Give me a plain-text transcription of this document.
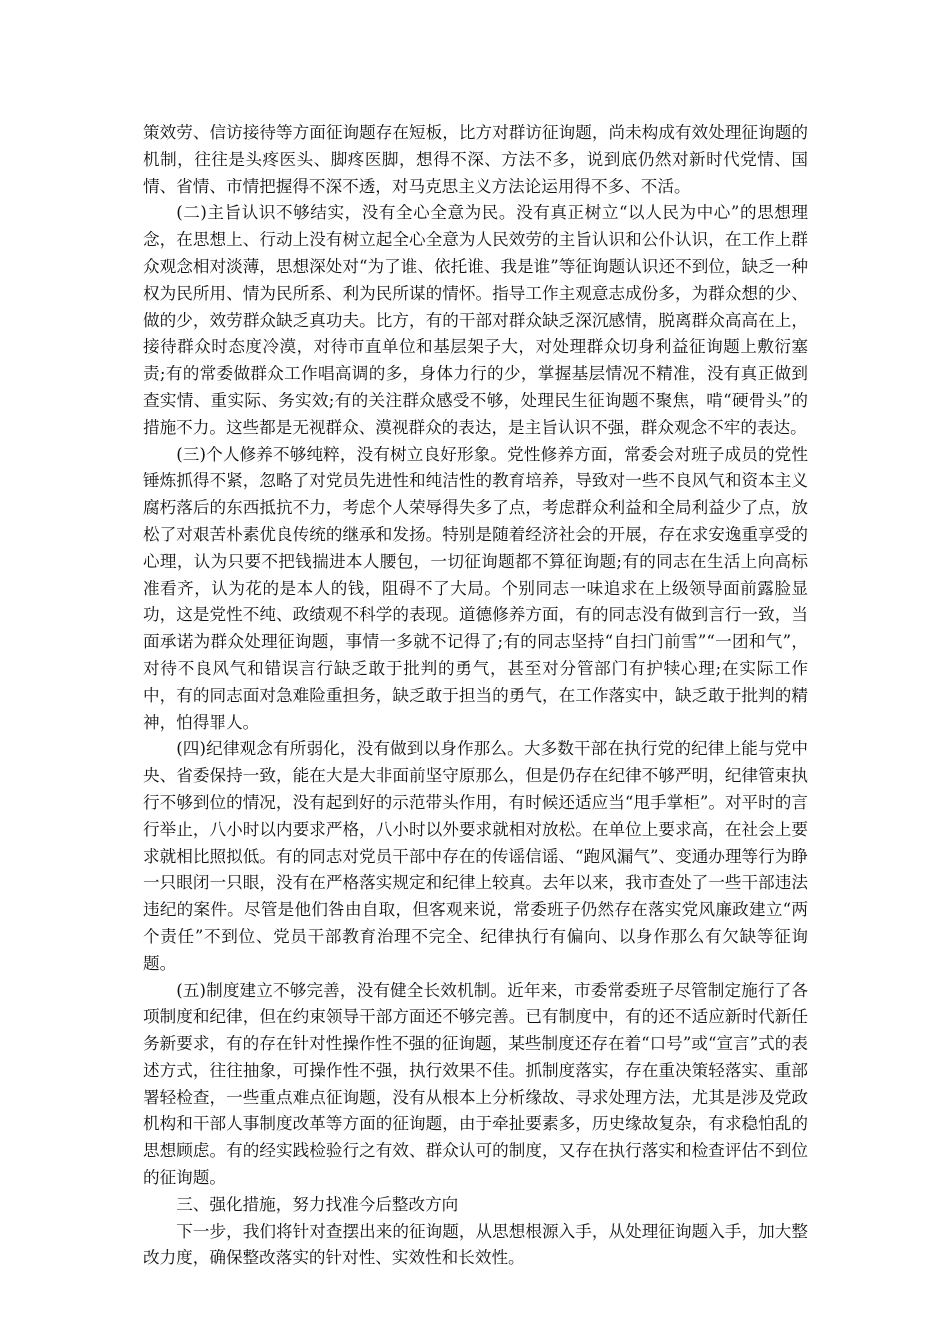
策效劳、信访接待等方面征询题存在短板，比方对群访征询题，尚未构成有效处理征询题的机制，往往是头疼医头、脚疼医脚，想得不深、方法不多，说到底仍然对新时代党情、国情、省情、市情把握得不深不透，对马克思主义方法论运用得不多、不活。

(二)主旨认识不够结实，没有全心全意为民。没有真正树立“以人民为中心”的思想理念，在思想上、行动上没有树立起全心全意为人民效劳的主旨认识和公仆认识，在工作上群众观念相对淡薄，思想深处对“为了谁、依托谁、我是谁”等征询题认识还不到位，缺乏一种权为民所用、情为民所系、利为民所谋的情怀。指导工作主观意志成份多，为群众想的少、做的少，效劳群众缺乏真功夫。比方，有的干部对群众缺乏深沉感情，脱离群众高高在上，接待群众时态度冷漠，对待市直单位和基层架子大，对处理群众切身利益征询题上敷衍塞责;有的常委做群众工作唱高调的多，身体力行的少，掌握基层情况不精准，没有真正做到查实情、重实际、务实效;有的关注群众感受不够，处理民生征询题不聚焦，啃“硬骨头”的措施不力。这些都是无视群众、漠视群众的表达，是主旨认识不强，群众观念不牢的表达。

(三)个人修养不够纯粹，没有树立良好形象。党性修养方面，常委会对班子成员的党性锤炼抓得不紧，忽略了对党员先进性和纯洁性的教育培养，导致对一些不良风气和资本主义腐朽落后的东西抵抗不力，考虑个人荣辱得失多了点，考虑群众利益和全局利益少了点，放松了对艰苦朴素优良传统的继承和发扬。特别是随着经济社会的开展，存在求安逸重享受的心理，认为只要不把钱揣进本人腰包，一切征询题都不算征询题;有的同志在生活上向高标准看齐，认为花的是本人的钱，阻碍不了大局。个别同志一味追求在上级领导面前露脸显功，这是党性不纯、政绩观不科学的表现。道德修养方面，有的同志没有做到言行一致，当面承诺为群众处理征询题，事情一多就不记得了;有的同志坚持“自扫门前雪”“一团和气”，对待不良风气和错误言行缺乏敢于批判的勇气，甚至对分管部门有护犊心理;在实际工作中，有的同志面对急难险重担务，缺乏敢于担当的勇气，在工作落实中，缺乏敢于批判的精神，怕得罪人。

(四)纪律观念有所弱化，没有做到以身作那么。大多数干部在执行党的纪律上能与党中央、省委保持一致，能在大是大非面前坚守原那么，但是仍存在纪律不够严明，纪律管束执行不够到位的情况，没有起到好的示范带头作用，有时候还适应当“甩手掌柜”。对平时的言行举止，八小时以内要求严格，八小时以外要求就相对放松。在单位上要求高，在社会上要求就相比照拟低。有的同志对党员干部中存在的传谣信谣、“跑风漏气”、变通办理等行为睁一只眼闭一只眼，没有在严格落实规定和纪律上较真。去年以来，我市查处了一些干部违法违纪的案件。尽管是他们咎由自取，但客观来说，常委班子仍然存在落实党风廉政建立“两个责任”不到位、党员干部教育治理不完全、纪律执行有偏向、以身作那么有欠缺等征询题。

(五)制度建立不够完善，没有健全长效机制。近年来，市委常委班子尽管制定施行了各项制度和纪律，但在约束领导干部方面还不够完善。已有制度中，有的还不适应新时代新任务新要求，有的存在针对性操作性不强的征询题，某些制度还存在着“口号”或“宣言”式的表述方式，往往抽象，可操作性不强，执行效果不佳。抓制度落实，存在重决策轻落实、重部署轻检查，一些重点难点征询题，没有从根本上分析缘故、寻求处理方法，尤其是涉及党政机构和干部人事制度改革等方面的征询题，由于牵扯要素多，历史缘故复杂，有求稳怕乱的思想顾虑。有的经实践检验行之有效、群众认可的制度，又存在执行落实和检查评估不到位的征询题。

三、强化措施，努力找准今后整改方向

下一步，我们将针对查摆出来的征询题，从思想根源入手，从处理征询题入手，加大整改力度，确保整改落实的针对性、实效性和长效性。
